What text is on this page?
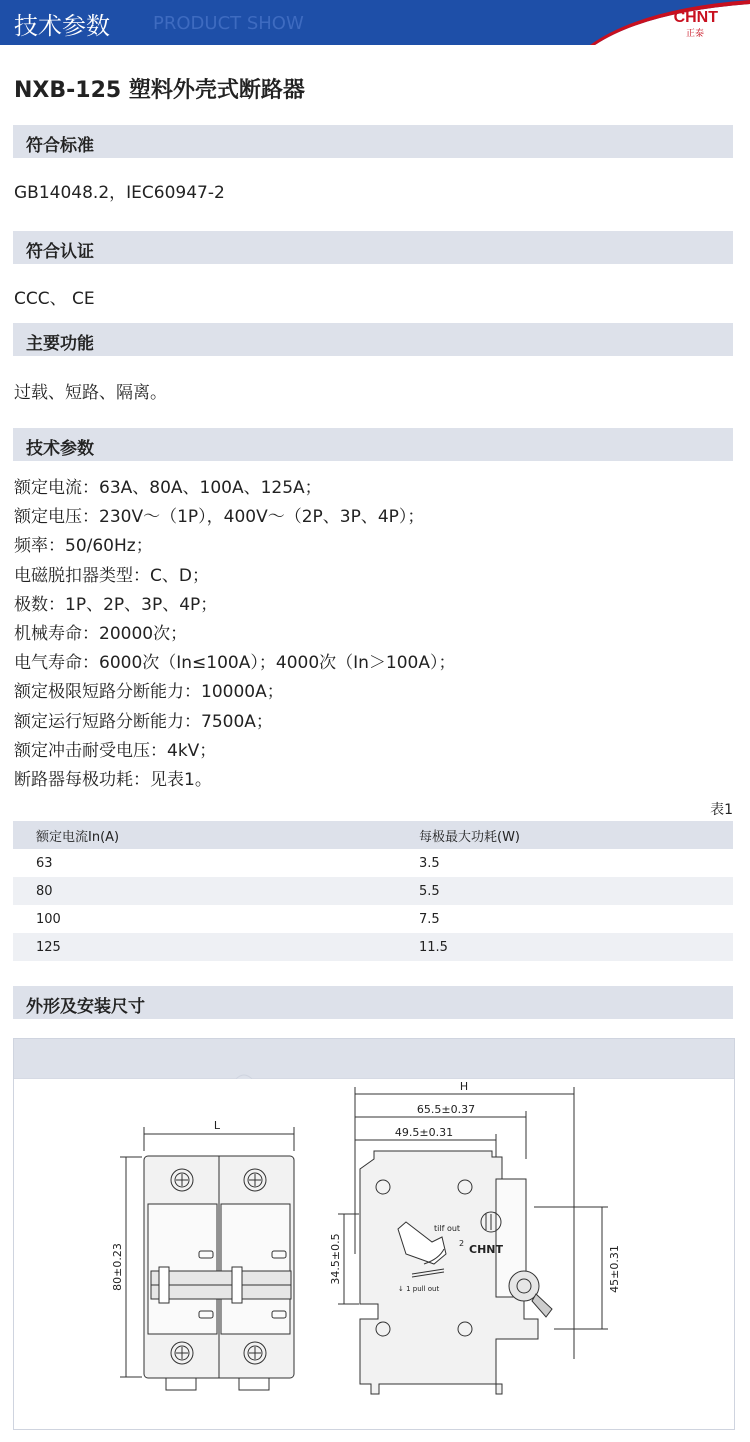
技术参数 PRODUCT SHOW	CHNT
正泰
NXB-125 塑料外壳式断路器
符合标准
GB14048.2，IEC60947-2
符合认证
CCC、 CE
主要功能
过载、短路、隔离。
技术参数
额定电流：63A、80A、100A、125A；
额定电压：230V～（1P），400V～（2P、3P、4P）；
频率：50/60Hz；
电磁脱扣器类型：C、D；
极数：1P、2P、3P、4P；
机械寿命：20000次；
电气寿命：6000次（In≤100A）；4000次（In＞100A）；
额定极限短路分断能力：10000A；
额定运行短路分断能力：7500A；
额定冲击耐受电压：4kV；
断路器每极功耗：见表1。
表1
额定电流In(A)	每极最大功耗(W)
63	3.5
80	5.5
100	7.5
125	11.5
外形及安装尺寸
L
80±0.23
H
65.5±0.37
49.5±0.31
34.5±0.5	45±0.31
tilf out
2
↓ 1 pull out
CHNT
